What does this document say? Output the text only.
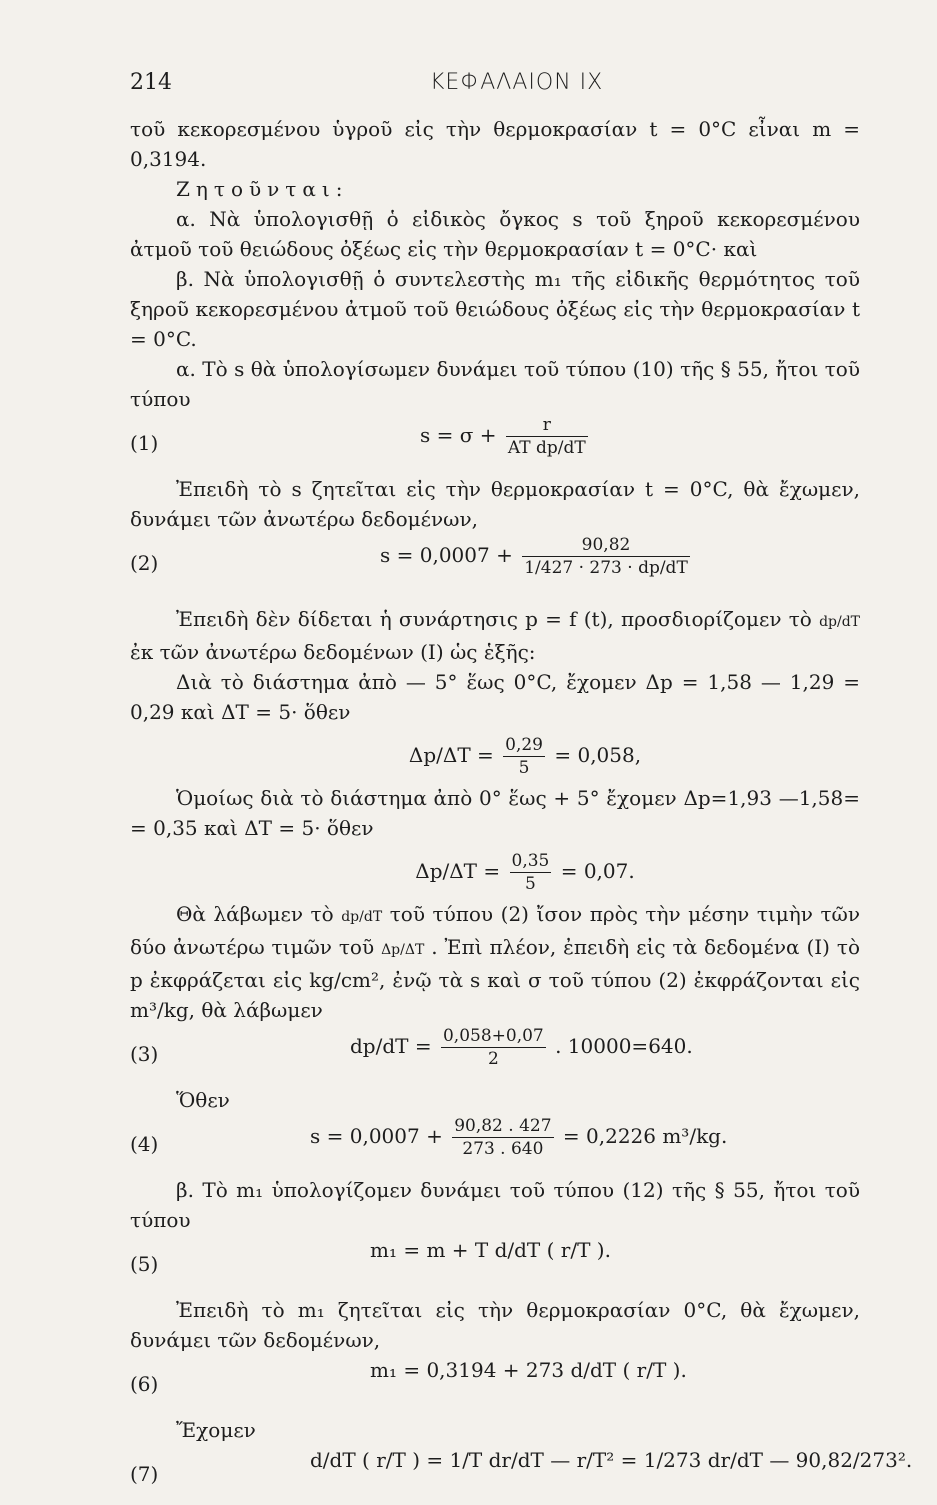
214	ΚΕΦΑΛΑΙΟΝ IX

τοῦ κεκορεσμένου ὑγροῦ εἰς τὴν θερμοκρασίαν t = 0°C εἶναι m = 0,3194.

Ζητοῦνται:

α. Νὰ ὑπολογισθῇ ὁ εἰδικὸς ὄγκος s τοῦ ξηροῦ κεκορεσμένου ἀτμοῦ τοῦ θειώδους ὀξέως εἰς τὴν θερμοκρασίαν t = 0°C· καὶ

β. Νὰ ὑπολογισθῇ ὁ συντελεστὴς m₁ τῆς εἰδικῆς θερμότητος τοῦ ξηροῦ κεκορεσμένου ἀτμοῦ τοῦ θειώδους ὀξέως εἰς τὴν θερμοκρασίαν t = 0°C.

α. Τὸ s θὰ ὑπολογίσωμεν δυνάμει τοῦ τύπου (10) τῆς § 55, ἤτοι τοῦ τύπου

(1)	$s = \sigma + \frac{r}{\text{AT dp/dT}}$

Ἐπειδὴ τὸ s ζητεῖται εἰς τὴν θερμοκρασίαν t = 0°C, θὰ ἔχωμεν, δυνάμει τῶν ἀνωτέρω δεδομένων,

(2)	$s = 0,0007 + \frac{90,82}{1/427 \cdot 273 \cdot dp/dT}$

Ἐπειδὴ δὲν δίδεται ἡ συνάρτησις p = f (t), προσδιορίζομεν τὸ dp/dT ἐκ τῶν ἀνωτέρω δεδομένων (I) ὡς ἑξῆς:

Διὰ τὸ διάστημα ἀπὸ — 5° ἕως 0°C, ἔχομεν Δp = 1,58 — 1,29 = 0,29 καὶ ΔT = 5· ὅθεν

$\Delta p/\Delta T = \frac{0,29}{5} = 0,058$,

Ὁμοίως διὰ τὸ διάστημα ἀπὸ 0° ἕως + 5° ἔχομεν Δp=1,93 —1,58= = 0,35 καὶ ΔT = 5· ὅθεν

$\Delta p/\Delta T = \frac{0,35}{5} = 0,07$.

Θὰ λάβωμεν τὸ dp/dT τοῦ τύπου (2) ἴσον πρὸς τὴν μέσην τιμὴν τῶν δύο ἀνωτέρω τιμῶν τοῦ Δp/ΔT . Ἐπὶ πλέον, ἐπειδὴ εἰς τὰ δεδομένα (I) τὸ p ἐκφράζεται εἰς kg/cm², ἐνῷ τὰ s καὶ σ τοῦ τύπου (2) ἐκφράζονται εἰς m³/kg, θὰ λάβωμεν

(3)	$dp/dT = \frac{0,058+0,07}{2}$ . 10000=640.

Ὅθεν

(4)	$s = 0,0007 + \frac{90,82 . 427}{273 . 640} = 0,2226$ m³/kg.

β. Τὸ m₁ ὑπολογίζομεν δυνάμει τοῦ τύπου (12) τῆς § 55, ἤτοι τοῦ τύπου

(5)
m₁ = m + T d/dT ( r/T ).

Ἐπειδὴ τὸ m₁ ζητεῖται εἰς τὴν θερμοκρασίαν 0°C, θὰ ἔχωμεν, δυνάμει τῶν δεδομένων,

(6)
m₁ = 0,3194 + 273 d/dT ( r/T ).

Ἔχομεν

(7)
d/dT ( r/T ) = 1/T dr/dT — r/T² = 1/273 dr/dT — 90,82/273².
